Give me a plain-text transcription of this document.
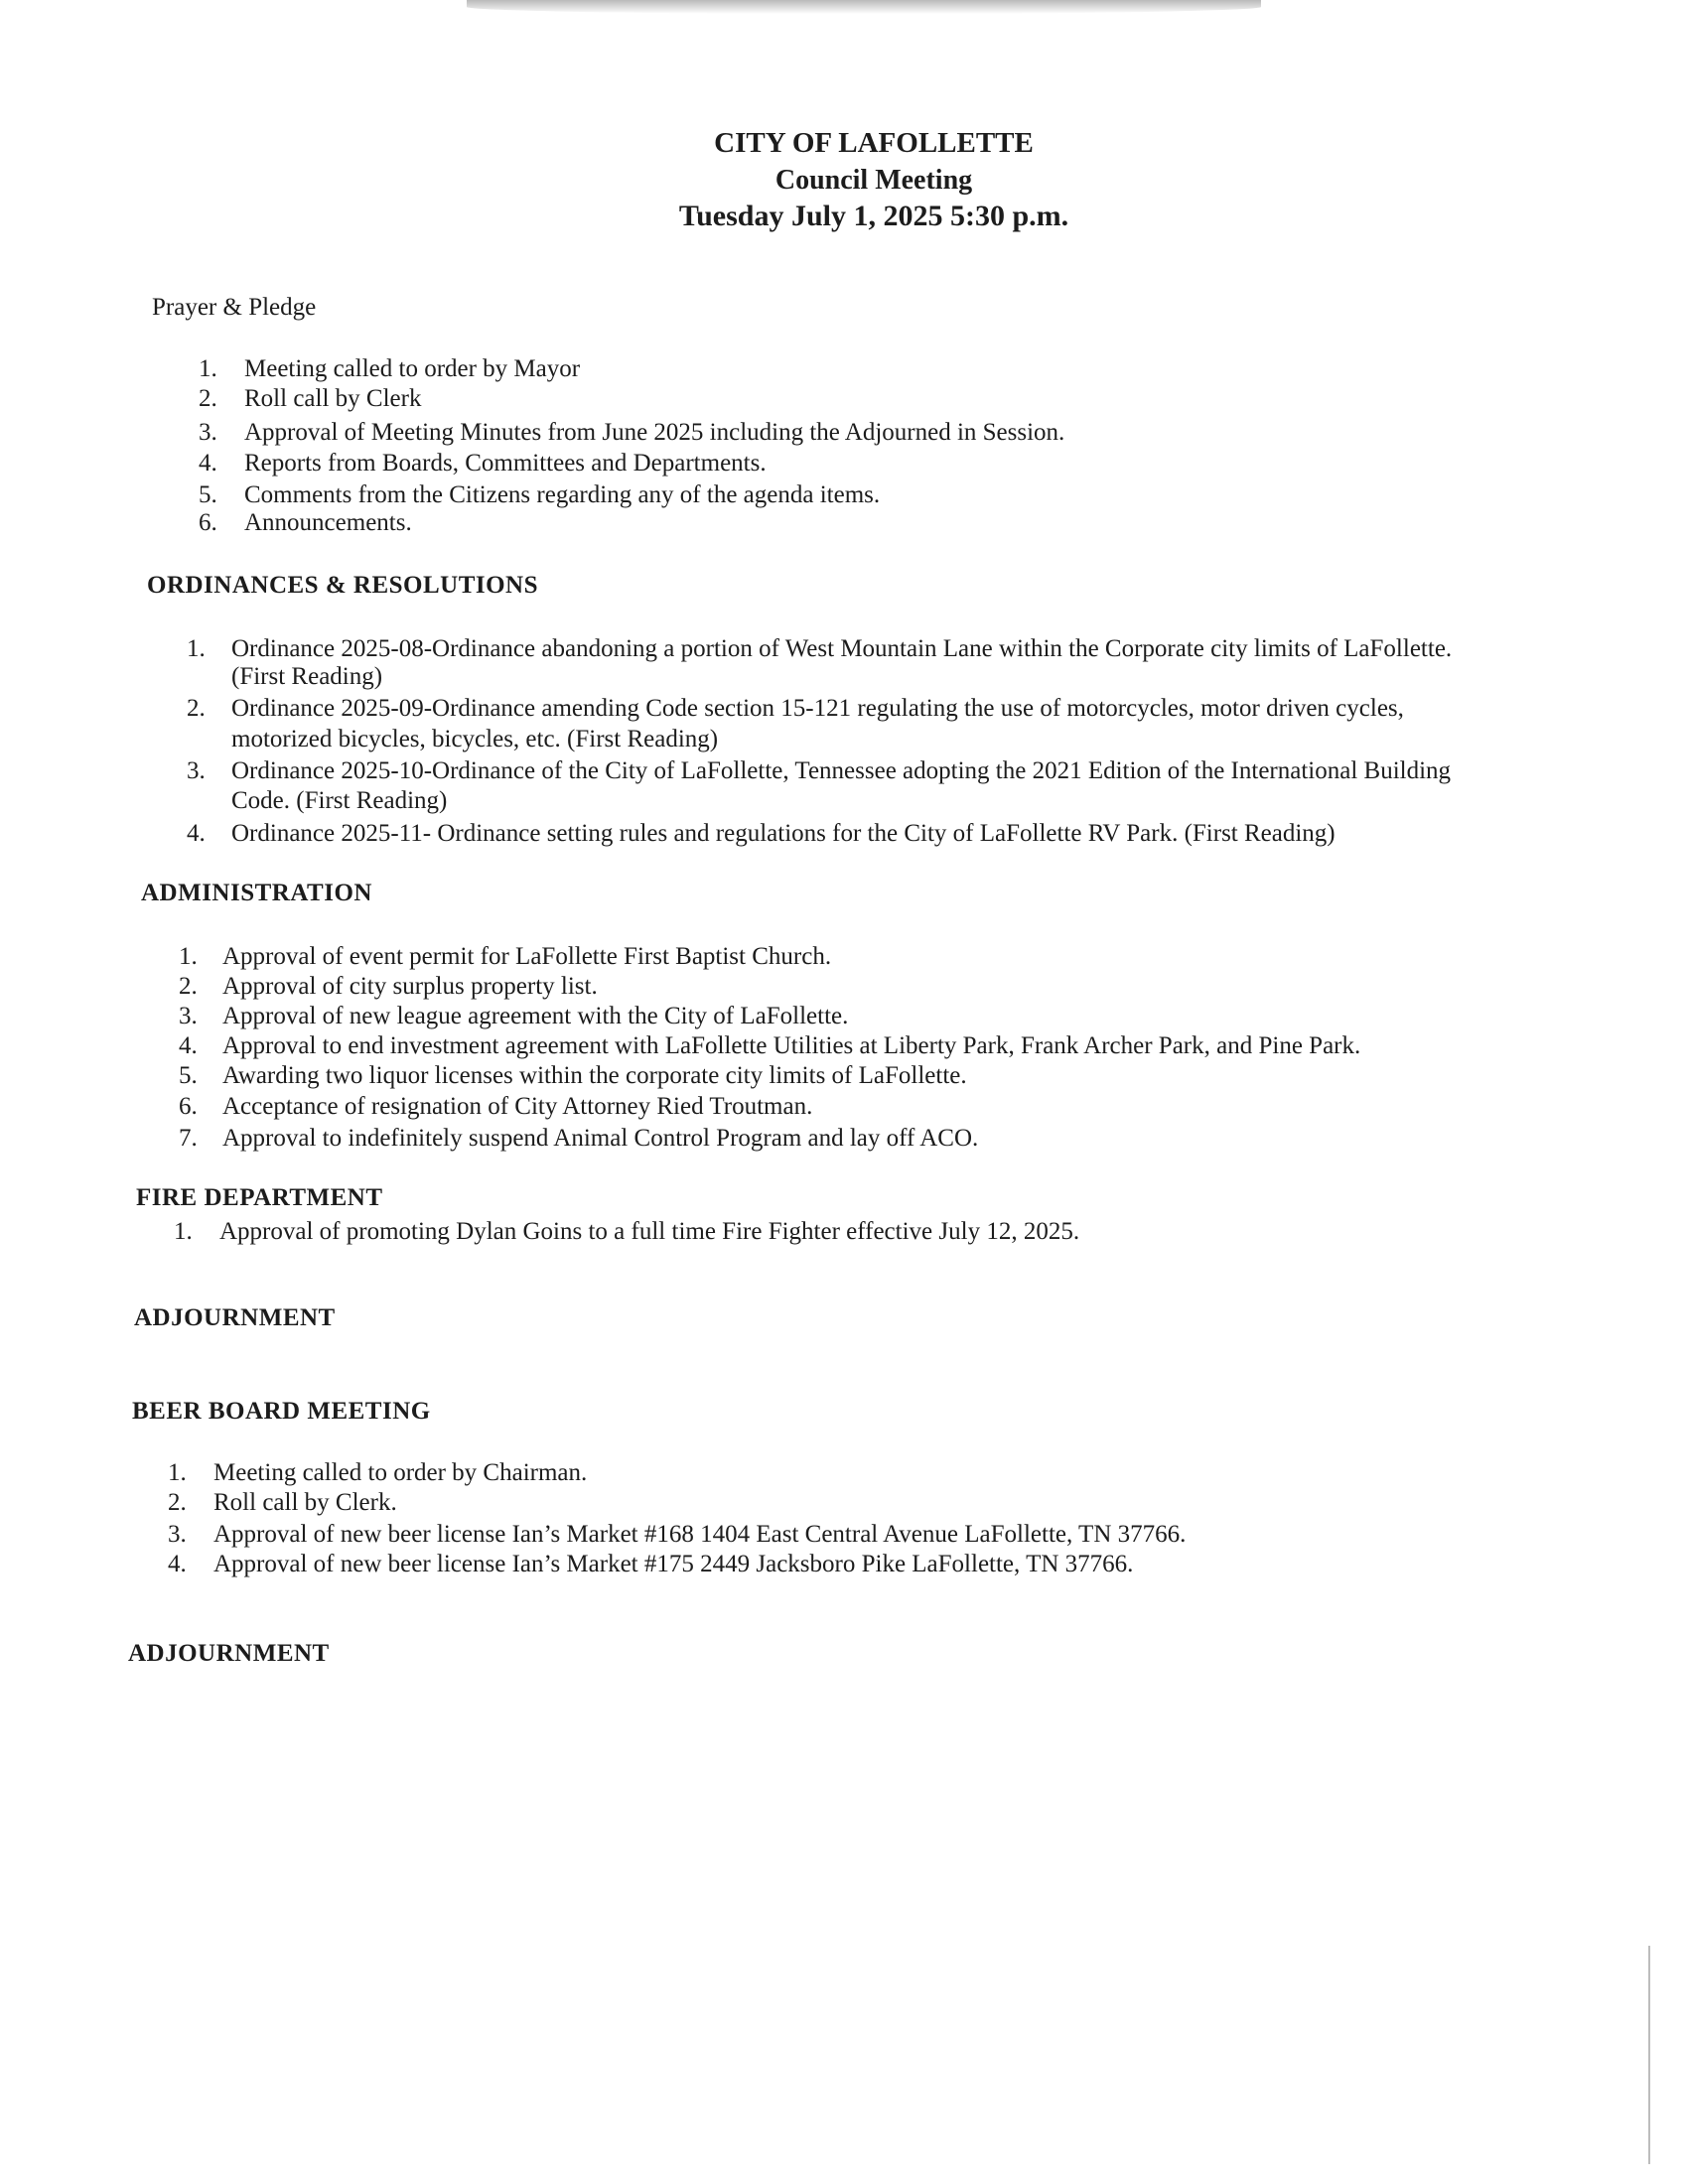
CITY OF LAFOLLETTE
Council Meeting
Tuesday July 1, 2025 5:30 p.m.
Prayer & Pledge
1. Meeting called to order by Mayor
2. Roll call by Clerk
3. Approval of Meeting Minutes from June 2025 including the Adjourned in Session.
4. Reports from Boards, Committees and Departments.
5. Comments from the Citizens regarding any of the agenda items.
6. Announcements.
ORDINANCES & RESOLUTIONS
1. Ordinance 2025-08-Ordinance abandoning a portion of West Mountain Lane within the Corporate city limits of LaFollette.
(First Reading)
2. Ordinance 2025-09-Ordinance amending Code section 15-121 regulating the use of motorcycles, motor driven cycles,
motorized bicycles, bicycles, etc. (First Reading)
3. Ordinance 2025-10-Ordinance of the City of LaFollette, Tennessee adopting the 2021 Edition of the International Building
Code. (First Reading)
4. Ordinance 2025-11- Ordinance setting rules and regulations for the City of LaFollette RV Park. (First Reading)
ADMINISTRATION
1. Approval of event permit for LaFollette First Baptist Church.
2. Approval of city surplus property list.
3. Approval of new league agreement with the City of LaFollette.
4. Approval to end investment agreement with LaFollette Utilities at Liberty Park, Frank Archer Park, and Pine Park.
5. Awarding two liquor licenses within the corporate city limits of LaFollette.
6. Acceptance of resignation of City Attorney Ried Troutman.
7. Approval to indefinitely suspend Animal Control Program and lay off ACO.
FIRE DEPARTMENT
1. Approval of promoting Dylan Goins to a full time Fire Fighter effective July 12, 2025.
ADJOURNMENT
BEER BOARD MEETING
1. Meeting called to order by Chairman.
2. Roll call by Clerk.
3. Approval of new beer license Ian’s Market #168 1404 East Central Avenue LaFollette, TN 37766.
4. Approval of new beer license Ian’s Market #175 2449 Jacksboro Pike LaFollette, TN 37766.
ADJOURNMENT
